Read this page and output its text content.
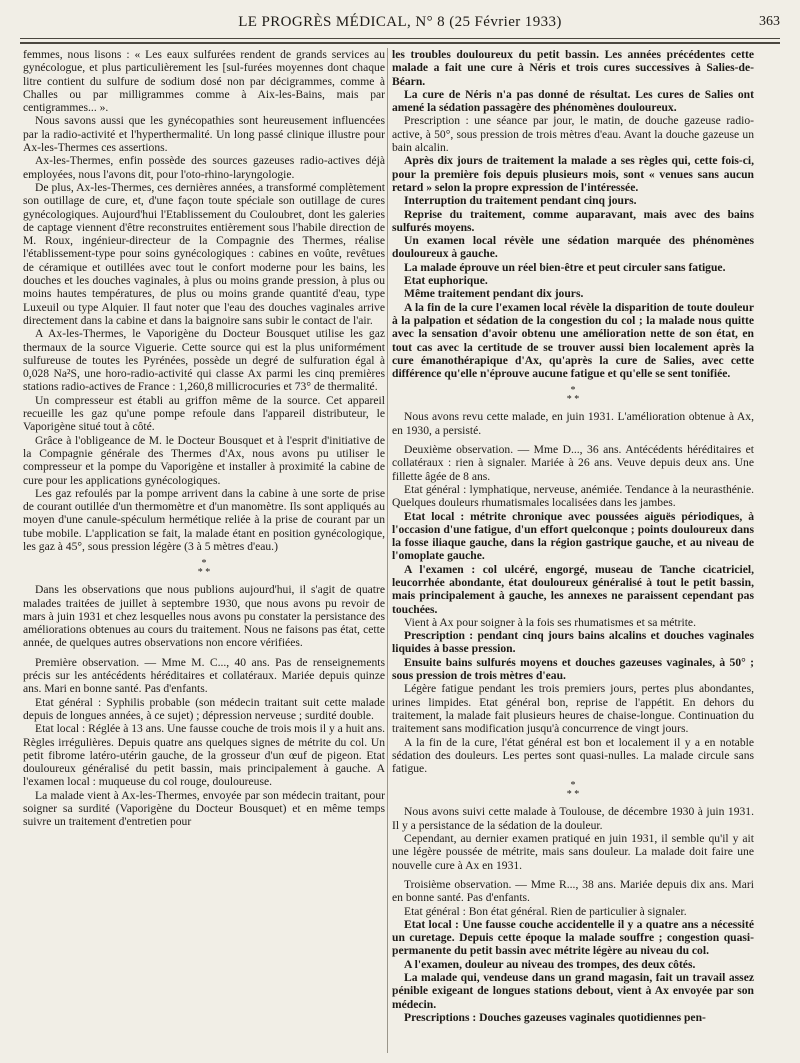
LE PROGRÈS MÉDICAL, N° 8 (25 Février 1933)	363

femmes, nous lisons : « Les eaux sulfurées rendent de grands services au gynécologue, et plus particulièrement les [sul-furées moyennes dont chaque litre contient du sulfure de sodium dosé non par décigrammes, comme à Challes ou par milligrammes comme à Aix-les-Bains, mais par centigrammes... ».

Nous savons aussi que les gynécopathies sont heureusement influencées par la radio-activité et l'hyperthermalité. Un long passé clinique illustre pour Ax-les-Thermes ces assertions.

Ax-les-Thermes, enfin possède des sources gazeuses radio-actives déjà employées, nous l'avons dit, pour l'oto-rhino-laryngologie.

De plus, Ax-les-Thermes, ces dernières années, a transformé complètement son outillage de cure, et, d'une façon toute spéciale son outillage de cures gynécologiques. Aujourd'hui l'Etablissement du Couloubret, dont les galeries de captage viennent d'être reconstruites entièrement sous l'habile direction de M. Roux, ingénieur-directeur de la Compagnie des Thermes, réalise l'établissement-type pour soins gynécologiques : cabines en voûte, revêtues de céramique et outillées avec tout le confort moderne pour les bains, les douches et les douches vaginales, à plus ou moins grande pression, à plus ou moins hautes températures, de plus ou moins grande quantité d'eau, type Luxeuil ou type Alquier. Il faut noter que l'eau des douches vaginales arrive directement dans la cabine et dans la baignoire sans subir le contact de l'air.

A Ax-les-Thermes, le Vaporigène du Docteur Bousquet utilise les gaz thermaux de la source Viguerie. Cette source qui est la plus uniformément sulfureuse de toutes les Pyrénées, possède un degré de sulfuration égal à 0,028 Na²S, une horo-radio-activité qui classe Ax parmi les cinq premières stations radio-actives de France : 1,260,8 millicrocuries et 73° de thermalité.

Un compresseur est établi au griffon même de la source. Cet appareil recueille les gaz qu'une pompe refoule dans l'appareil distributeur, le Vaporigène situé tout à côté.

Grâce à l'obligeance de M. le Docteur Bousquet et à l'esprit d'initiative de la Compagnie générale des Thermes d'Ax, nous avons pu utiliser le compresseur et la pompe du Vaporigène et installer à proximité la cabine de cure pour les applications gynécologiques.

Les gaz refoulés par la pompe arrivent dans la cabine à une sorte de prise de courant outillée d'un thermomètre et d'un manomètre. Ils sont appliqués au moyen d'une canule-spéculum hermétique reliée à la prise de courant par un tube mobile. L'application se fait, la malade étant en position gynécologique, les gaz à 45°, sous pression légère (3 à 5 mètres d'eau.)

*
* *

Dans les observations que nous publions aujourd'hui, il s'agit de quatre malades traitées de juillet à septembre 1930, que nous avons pu revoir de mars à juin 1931 et chez lesquelles nous avons pu constater la persistance des améliorations obtenues au cours du traitement. Nous ne faisons pas état, cette année, de quelques autres observations non encore vérifiées.

Première observation. — Mme M. C..., 40 ans. Pas de renseignements précis sur les antécédents héréditaires et collatéraux. Mariée depuis quinze ans. Mari en bonne santé. Pas d'enfants.

Etat général : Syphilis probable (son médecin traitant suit cette malade depuis de longues années, à ce sujet) ; dépression nerveuse ; surdité double.

Etat local : Réglée à 13 ans. Une fausse couche de trois mois il y a huit ans. Règles irrégulières. Depuis quatre ans quelques signes de métrite du col. Un petit fibrome latéro-utérin gauche, de la grosseur d'un œuf de pigeon. Etat douloureux généralisé du petit bassin, mais principalement à gauche. A l'examen local : muqueuse du col rouge, douloureuse.

La malade vient à Ax-les-Thermes, envoyée par son médecin traitant, pour soigner sa surdité (Vaporigène du Docteur Bousquet) et en même temps suivre un traitement d'entretien pour

les troubles douloureux du petit bassin. Les années précédentes cette malade a fait une cure à Néris et trois cures successives à Salies-de-Béarn.

La cure de Néris n'a pas donné de résultat. Les cures de Salies ont amené la sédation passagère des phénomènes douloureux.

Prescription : une séance par jour, le matin, de douche gazeuse radio-active, à 50°, sous pression de trois mètres d'eau. Avant la douche gazeuse un bain alcalin.

Après dix jours de traitement la malade a ses règles qui, cette fois-ci, pour la première fois depuis plusieurs mois, sont « venues sans aucun retard » selon la propre expression de l'intéressée.

Interruption du traitement pendant cinq jours.

Reprise du traitement, comme auparavant, mais avec des bains sulfurés moyens.

Un examen local révèle une sédation marquée des phénomènes douloureux à gauche.

La malade éprouve un réel bien-être et peut circuler sans fatigue.

Etat euphorique.

Même traitement pendant dix jours.

A la fin de la cure l'examen local révèle la disparition de toute douleur à la palpation et sédation de la congestion du col ; la malade nous quitte avec la sensation d'avoir obtenu une amélioration nette de son état, en tout cas avec la certitude de se trouver aussi bien localement après la cure émanothérapique d'Ax, qu'après la cure de Salies, avec cette différence qu'elle n'éprouve aucune fatigue et qu'elle se sent tonifiée.

*
* *

Nous avons revu cette malade, en juin 1931. L'amélioration obtenue à Ax, en 1930, a persisté.

Deuxième observation. — Mme D..., 36 ans. Antécédents héréditaires et collatéraux : rien à signaler. Mariée à 26 ans. Veuve depuis deux ans. Une fillette âgée de 8 ans.

Etat général : lymphatique, nerveuse, anémiée. Tendance à la neurasthénie. Quelques douleurs rhumatismales localisées dans les jambes.

Etat local : métrite chronique avec poussées aiguës périodiques, à l'occasion d'une fatigue, d'un effort quelconque ; points douloureux dans la fosse iliaque gauche, dans la région gastrique gauche, et au niveau de l'omoplate gauche.

A l'examen : col ulcéré, engorgé, museau de Tanche cicatriciel, leucorrhée abondante, état douloureux généralisé à tout le petit bassin, mais principalement à gauche, les annexes ne paraissent cependant pas touchées.

Vient à Ax pour soigner à la fois ses rhumatismes et sa métrite.

Prescription : pendant cinq jours bains alcalins et douches vaginales liquides à basse pression.

Ensuite bains sulfurés moyens et douches gazeuses vaginales, à 50° ; sous pression de trois mètres d'eau.

Légère fatigue pendant les trois premiers jours, pertes plus abondantes, urines limpides. Etat général bon, reprise de l'appétit. En dehors du traitement, la malade fait plusieurs heures de chaise-longue. Continuation du traitement sans modification jusqu'à concurrence de vingt jours.

A la fin de la cure, l'état général est bon et localement il y a en notable sédation des douleurs. Les pertes sont quasi-nulles. La malade circule sans fatigue.

*
* *

Nous avons suivi cette malade à Toulouse, de décembre 1930 à juin 1931. Il y a persistance de la sédation de la douleur.

Cependant, au dernier examen pratiqué en juin 1931, il semble qu'il y ait une légère poussée de métrite, mais sans douleur. La malade doit faire une nouvelle cure à Ax en 1931.

Troisième observation. — Mme R..., 38 ans. Mariée depuis dix ans. Mari en bonne santé. Pas d'enfants.

Etat général : Bon état général. Rien de particulier à signaler.

Etat local : Une fausse couche accidentelle il y a quatre ans a nécessité un curetage. Depuis cette époque la malade souffre ; congestion quasi-permanente du petit bassin avec métrite légère au niveau du col.

A l'examen, douleur au niveau des trompes, des deux côtés.

La malade qui, vendeuse dans un grand magasin, fait un travail assez pénible exigeant de longues stations debout, vient à Ax envoyée par son médecin.

Prescriptions : Douches gazeuses vaginales quotidiennes pen-
